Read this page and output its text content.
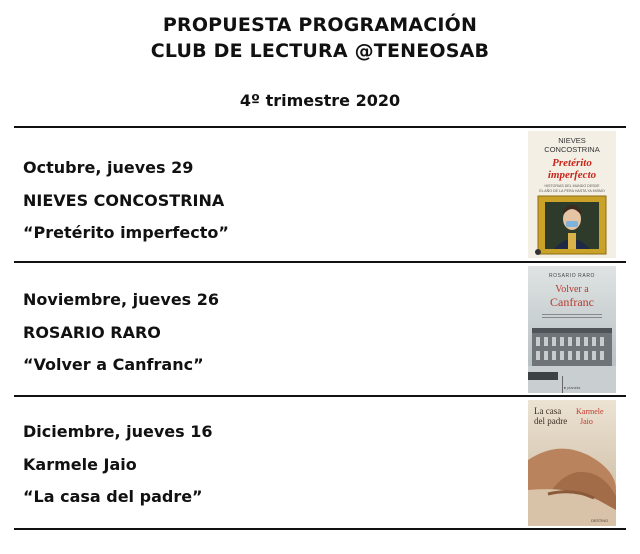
PROPUESTA PROGRAMACIÓN
CLUB DE LECTURA @TENEOSAB
4º trimestre 2020
Octubre, jueves 29
NIEVES CONCOSTRINA
“Pretérito imperfecto”
NIEVES
CONCOSTRINA
Pretérito
imperfecto
HISTORIAS DEL MUNDO DESDE
EL AÑO DE LA PERA HASTA YA MISMO
Noviembre, jueves 26
ROSARIO RARO
“Volver a Canfranc”
ROSARIO RARO
Volver a
Canfranc
● planeta
Diciembre, jueves 16
Karmele Jaio
“La casa del padre”
La casa
del padre
Karmele
Jaio
DESTINO
